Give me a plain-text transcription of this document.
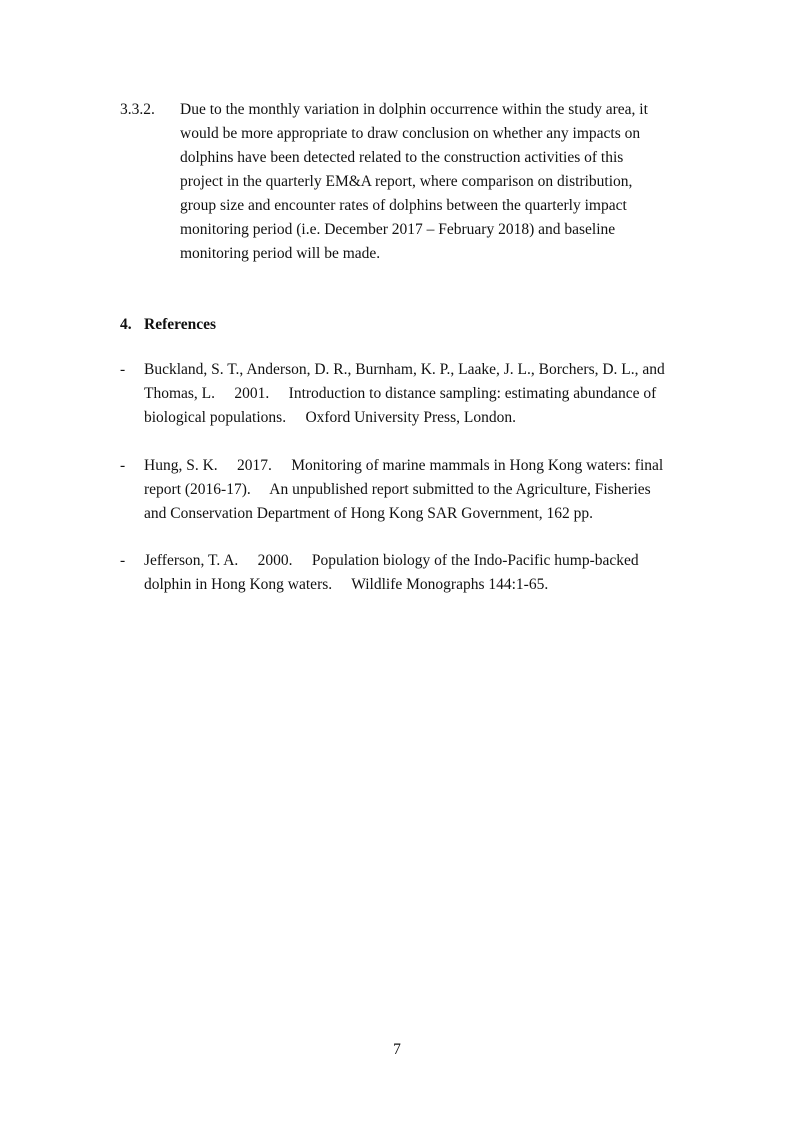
3.3.2. Due to the monthly variation in dolphin occurrence within the study area, it
would be more appropriate to draw conclusion on whether any impacts on
dolphins have been detected related to the construction activities of this
project in the quarterly EM&A report, where comparison on distribution,
group size and encounter rates of dolphins between the quarterly impact
monitoring period (i.e. December 2017 – February 2018) and baseline
monitoring period will be made.
4. References
- Buckland, S. T., Anderson, D. R., Burnham, K. P., Laake, J. L., Borchers, D. L., and
Thomas, L.  2001.  Introduction to distance sampling: estimating abundance of
biological populations.  Oxford University Press, London.
- Hung, S. K.  2017.  Monitoring of marine mammals in Hong Kong waters: final
report (2016-17).  An unpublished report submitted to the Agriculture, Fisheries
and Conservation Department of Hong Kong SAR Government, 162 pp.
- Jefferson, T. A.  2000.  Population biology of the Indo-Pacific hump-backed
dolphin in Hong Kong waters.  Wildlife Monographs 144:1-65.
7
